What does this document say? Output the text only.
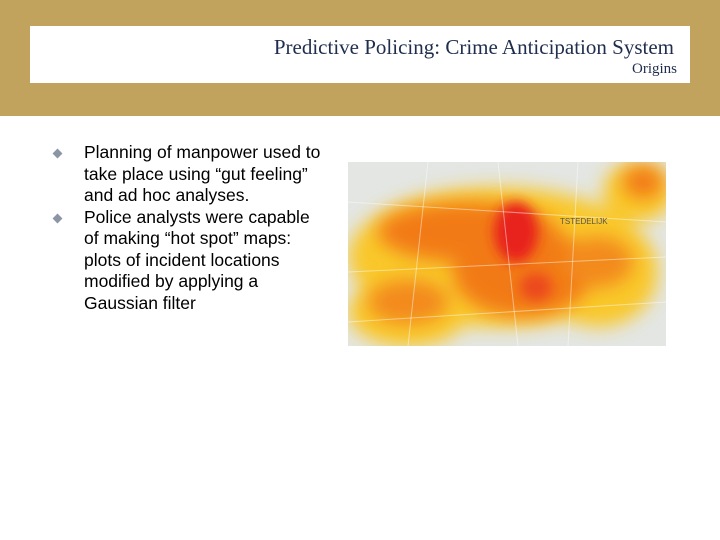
Predictive Policing: Crime Anticipation System
Origins
Planning of manpower used to take place using “gut feeling” and ad hoc analyses.
Police analysts were capable of making “hot spot” maps: plots of incident locations modified by applying a Gaussian filter
TSTEDELIJK
